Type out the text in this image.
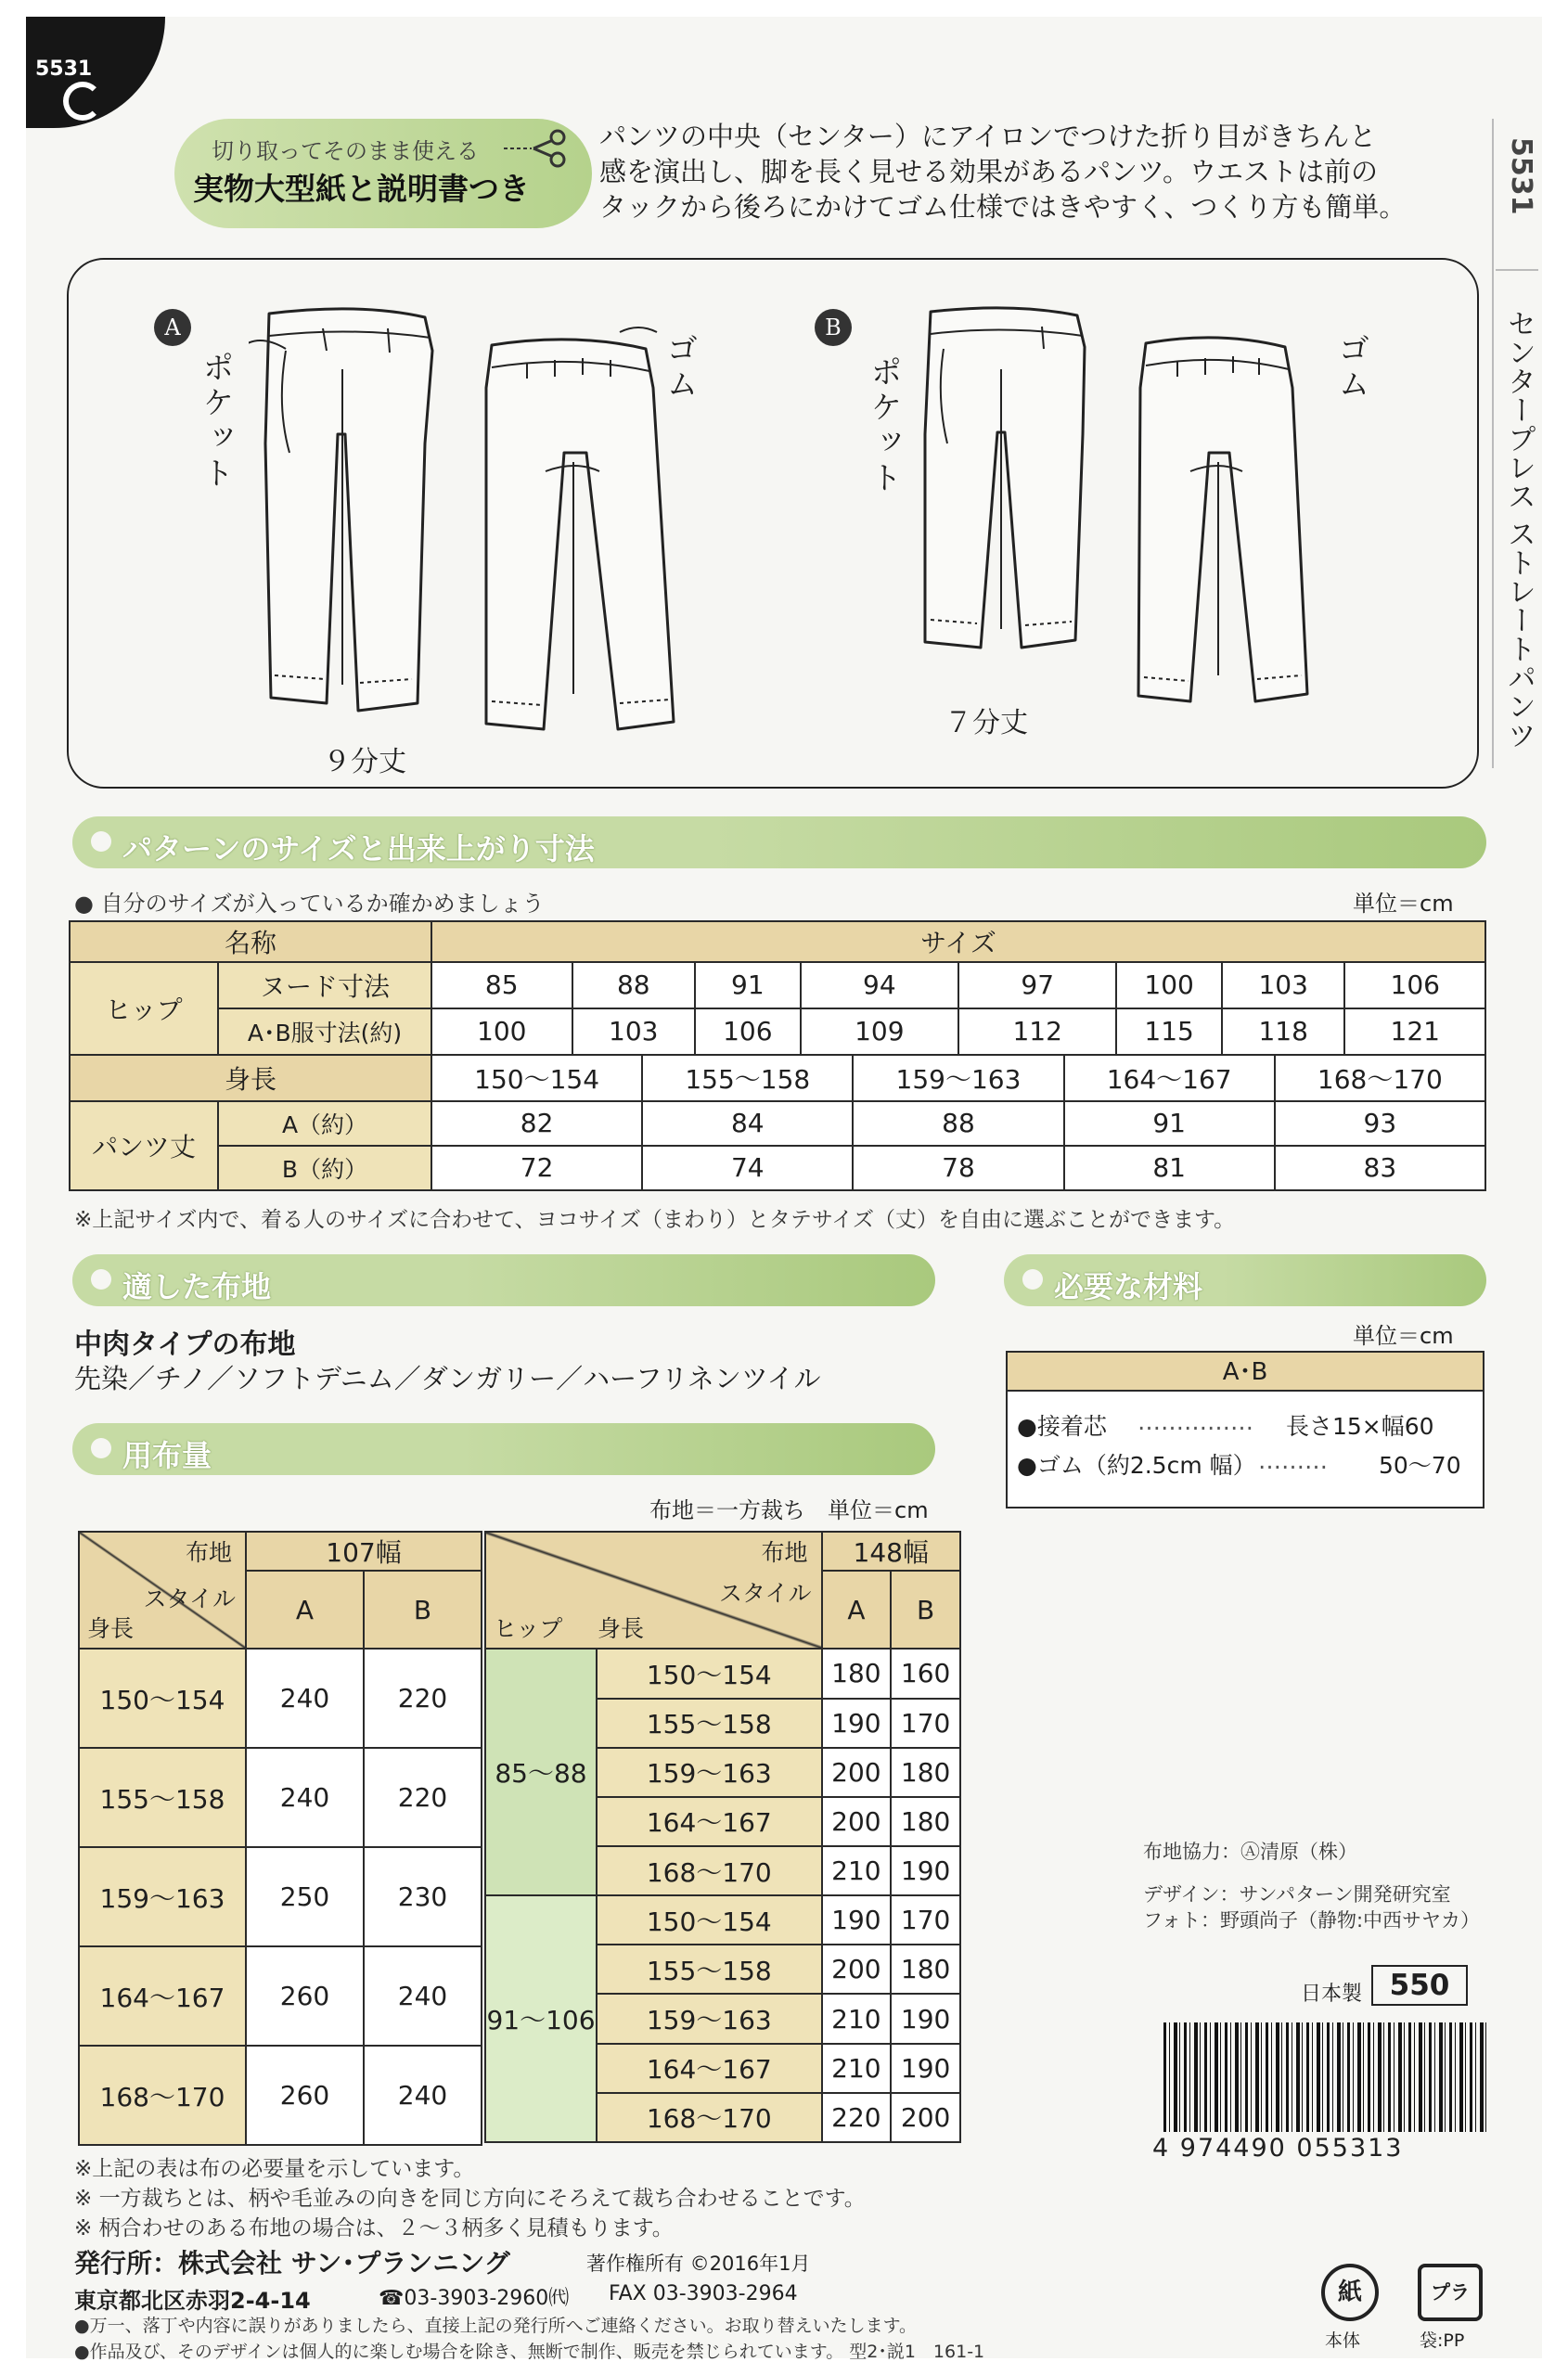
5531
切り取ってそのまま使える
実物大型紙と説明書つき
パンツの中央（センター）にアイロンでつけた折り目がきちんと
感を演出し、脚を長く見せる効果があるパンツ。ウエストは前の
タックから後ろにかけてゴム仕様ではきやすく、つくり方も簡単。	5531
センタープレス ストレートパンツ
A
ポケット	ゴム
９分丈
B
ポケット	ゴム
７分丈
パターンのサイズと出来上がり寸法
● 自分のサイズが入っているか確かめましょう	単位＝cm
名称		サイズ											
ヒップ	ヌード寸法	85	88		91	94		97		100	103		106
	A･B服寸法(約)	100	103		106	109		112		115	118		121
身長		150〜154		155〜158			159〜163		164〜167			168〜170	
パンツ丈	A（約）	82		84			88		91			93	
	B（約）	72		74			78		81			83	
※上記サイズ内で、着る人のサイズに合わせて、ヨコサイズ（まわり）とタテサイズ（丈）を自由に選ぶことができます。
適した布地
中肉タイプの布地
先染／チノ／ソフトデニム／ダンガリー／ハーフリネンツイル
必要な材料
単位＝cm
A･B
●接着芯 …………… 長さ15×幅60
●ゴム（約2.5cm 幅） ……… 50〜70
用布量
布地＝一方裁ち　単位＝cm
布地
スタイル
身長	107幅	
	A	B
150〜154	240	220
155〜158	240	220
159〜163	250	230
164〜167	260	240
168〜170	260	240
布地
スタイル
ヒップ 身長		148幅	
		A	B
85〜88	150〜154	180	160
	155〜158	190	170
	159〜163	200	180
	164〜167	200	180
	168〜170	210	190
91〜106	150〜154	190	170
	155〜158	200	180
	159〜163	210	190
	164〜167	210	190
	168〜170	220	200
※上記の表は布の必要量を示しています。
※ 一方裁ちとは、柄や毛並みの向きを同じ方向にそろえて裁ち合わせることです。
※ 柄合わせのある布地の場合は、２〜３柄多く見積もります。
布地協力：Ⓐ清原（株）
デザイン：サンパターン開発研究室
フォト：野頭尚子（静物:中西サヤカ）
日本製 550
4 974490 055313
発行所：株式会社 サン･プランニング	著作権所有 ©2016年1月
東京都北区赤羽2-4-14	☎03-3903-2960㈹ FAX 03-3903-2964
●万一、落丁や内容に誤りがありましたら、直接上記の発行所へご連絡ください。お取り替えいたします。
●作品及び、そのデザインは個人的に楽しむ場合を除き、無断で制作、販売を禁じられています。 型2･説1　161-1
紙	プラ
本体	袋:PP
